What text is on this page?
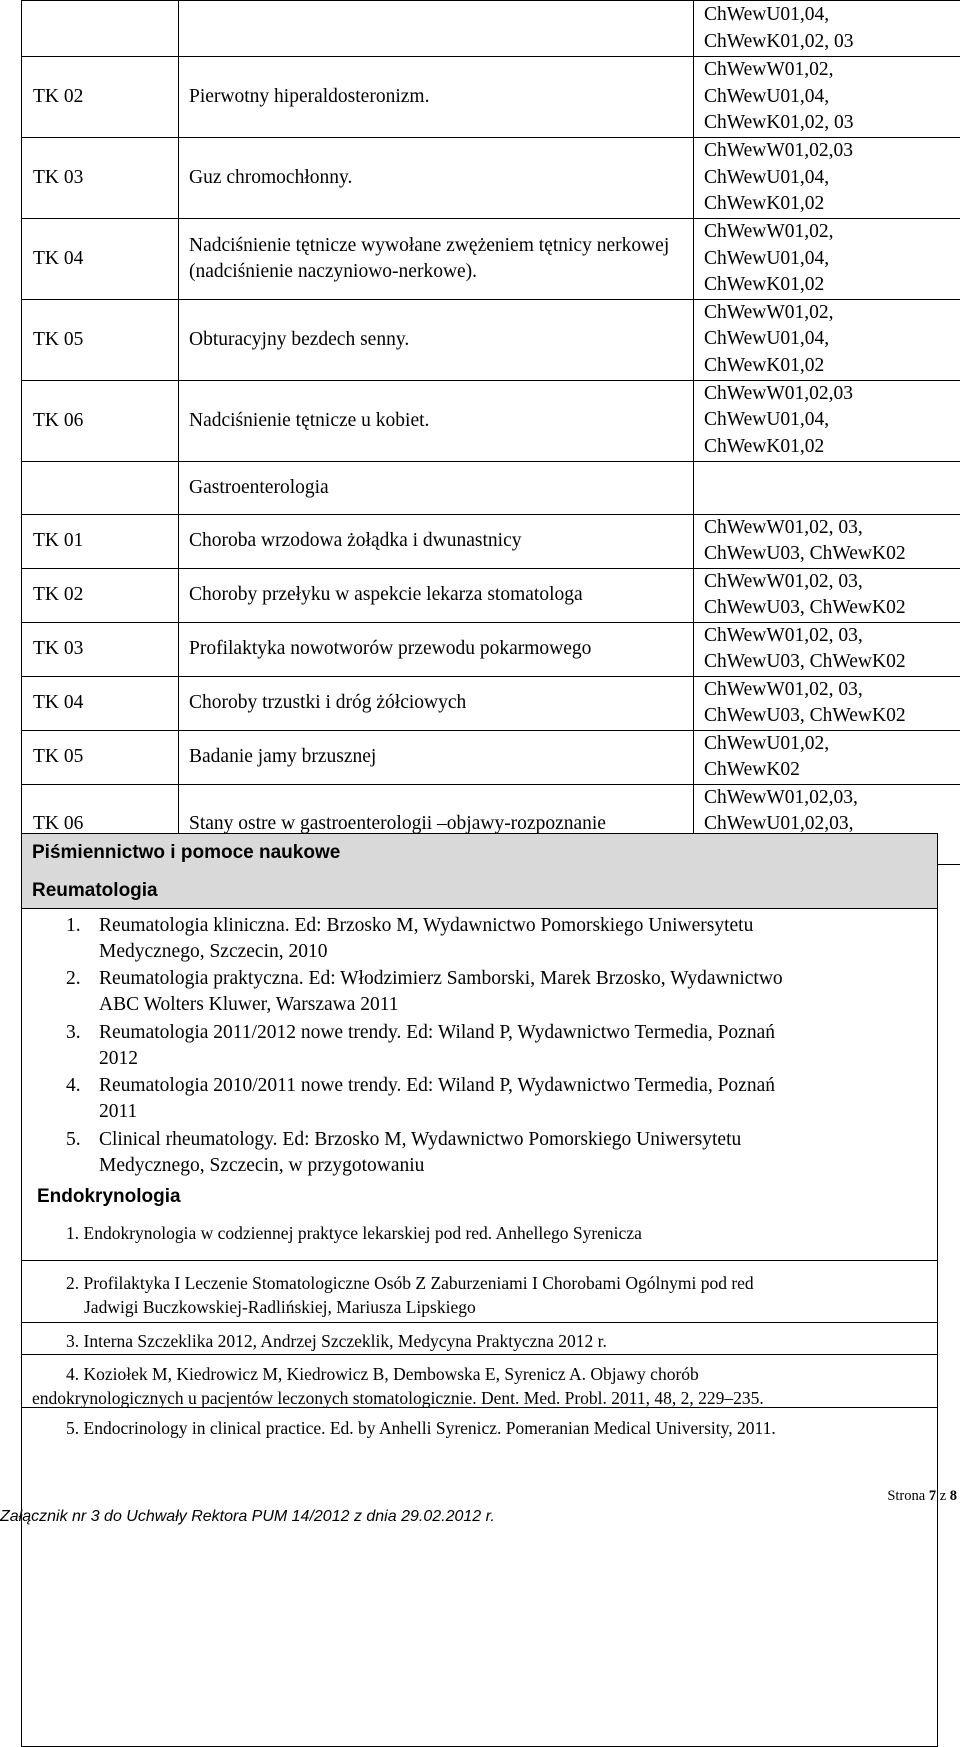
		ChWewU01,04,
ChWewK01,02, 03

TK 02	Pierwotny hiperaldosteronizm.	ChWewW01,02,
ChWewU01,04,
ChWewK01,02, 03

TK 03	Guz chromochłonny.	ChWewW01,02,03
ChWewU01,04,
ChWewK01,02

TK 04	Nadciśnienie tętnicze wywołane zwężeniem tętnicy nerkowej (nadciśnienie naczyniowo-nerkowe).	ChWewW01,02,
ChWewU01,04,
ChWewK01,02

TK 05	Obturacyjny bezdech senny.	ChWewW01,02,
ChWewU01,04,
ChWewK01,02

TK 06	Nadciśnienie tętnicze u kobiet.	ChWewW01,02,03
ChWewU01,04,
ChWewK01,02

	Gastroenterologia	
TK 01	Choroba wrzodowa żołądka i dwunastnicy	ChWewW01,02, 03,
ChWewU03, ChWewK02

TK 02	Choroby przełyku w aspekcie lekarza stomatologa	ChWewW01,02, 03,
ChWewU03, ChWewK02

TK 03	Profilaktyka nowotworów przewodu pokarmowego	ChWewW01,02, 03,
ChWewU03, ChWewK02

TK 04	Choroby trzustki i dróg żółciowych	ChWewW01,02, 03,
ChWewU03, ChWewK02

TK 05	Badanie jamy brzusznej	ChWewU01,02,
ChWewK02

TK 06	Stany ostre w gastroenterologii –objawy-rozpoznanie	ChWewW01,02,03,
ChWewU01,02,03,
Piśmiennictwo i pomoce naukowe
Reumatologia
1. Reumatologia kliniczna. Ed: Brzosko M, Wydawnictwo Pomorskiego Uniwersytetu
Medycznego, Szczecin, 2010
2. Reumatologia praktyczna. Ed: Włodzimierz Samborski, Marek Brzosko, Wydawnictwo
ABC Wolters Kluwer, Warszawa 2011
3. Reumatologia 2011/2012 nowe trendy. Ed: Wiland P, Wydawnictwo Termedia, Poznań
2012
4. Reumatologia 2010/2011 nowe trendy. Ed: Wiland P, Wydawnictwo Termedia, Poznań
2011
5. Clinical rheumatology. Ed: Brzosko M, Wydawnictwo Pomorskiego Uniwersytetu
Medycznego, Szczecin, w przygotowaniu
Endokrynologia
1. Endokrynologia w codziennej praktyce lekarskiej pod red. Anhellego Syrenicza
2. Profilaktyka I Leczenie Stomatologiczne Osób Z Zaburzeniami I Chorobami Ogólnymi pod red
Jadwigi Buczkowskiej-Radlińskiej, Mariusza Lipskiego
3. Interna Szczeklika 2012, Andrzej Szczeklik, Medycyna Praktyczna 2012 r.
4. Koziołek M, Kiedrowicz M, Kiedrowicz B, Dembowska E, Syrenicz A. Objawy chorób
endokrynologicznych u pacjentów leczonych stomatologicznie. Dent. Med. Probl. 2011, 48, 2, 229–235.
5. Endocrinology in clinical practice. Ed. by Anhelli Syrenicz. Pomeranian Medical University, 2011.
Załącznik nr 3 do Uchwały Rektora PUM 14/2012 z dnia 29.02.2012 r.
Strona 7 z 8
